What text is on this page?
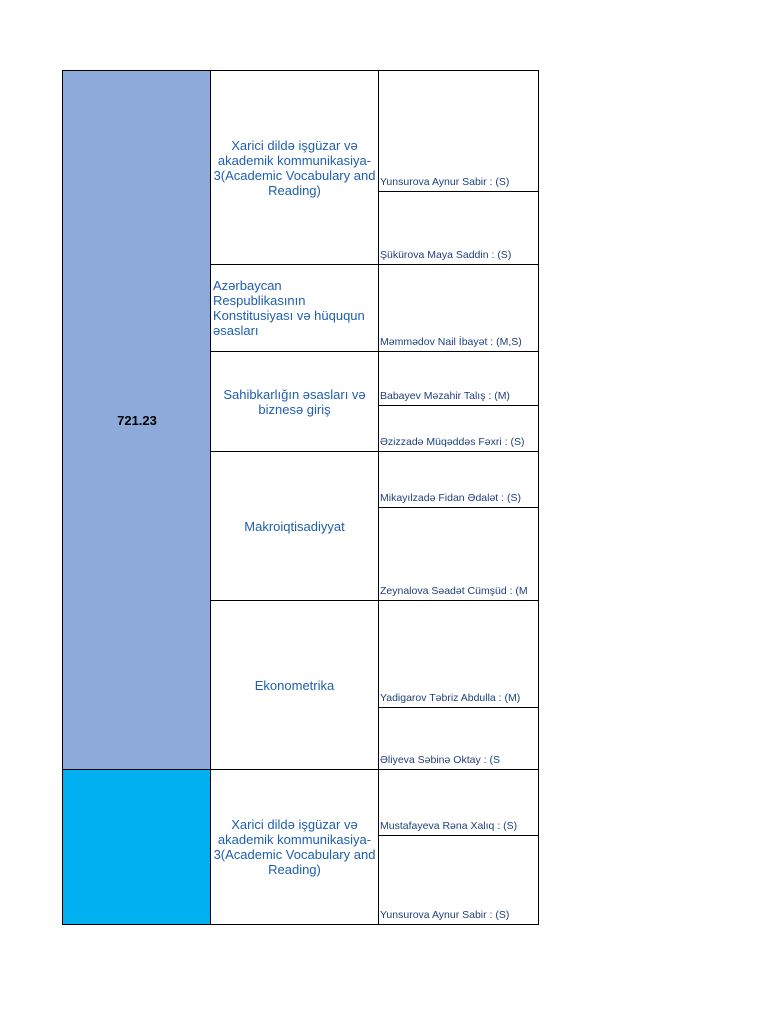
721.23
Xarici dildə işgüzar və akademik kommunikasiya-3(Academic Vocabulary and Reading)
Azərbaycan Respublikasının Konstitusiyası və hüququn əsasları
Sahibkarlığın əsasları və biznesə giriş
Makroiqtisadiyyat
Ekonometrika
Xarici dildə işgüzar və akademik kommunikasiya-3(Academic Vocabulary and Reading)
Yunsurova Aynur Sabir : (S)
Şükürova Maya Saddin : (S)
Məmmədov Nail İbayət : (M,S)
Babayev Məzahir Talış : (M)
Əzizzadə Müqəddəs Fəxri : (S)
Mikayılzadə Fidan Ədalət : (S)
Zeynalova Səadət Cümşüd : (M
Yadigarov Təbriz Abdulla : (M)
Əliyeva Səbinə Oktay : (S
Mustafayeva Rəna Xalıq : (S)
Yunsurova Aynur Sabir : (S)
